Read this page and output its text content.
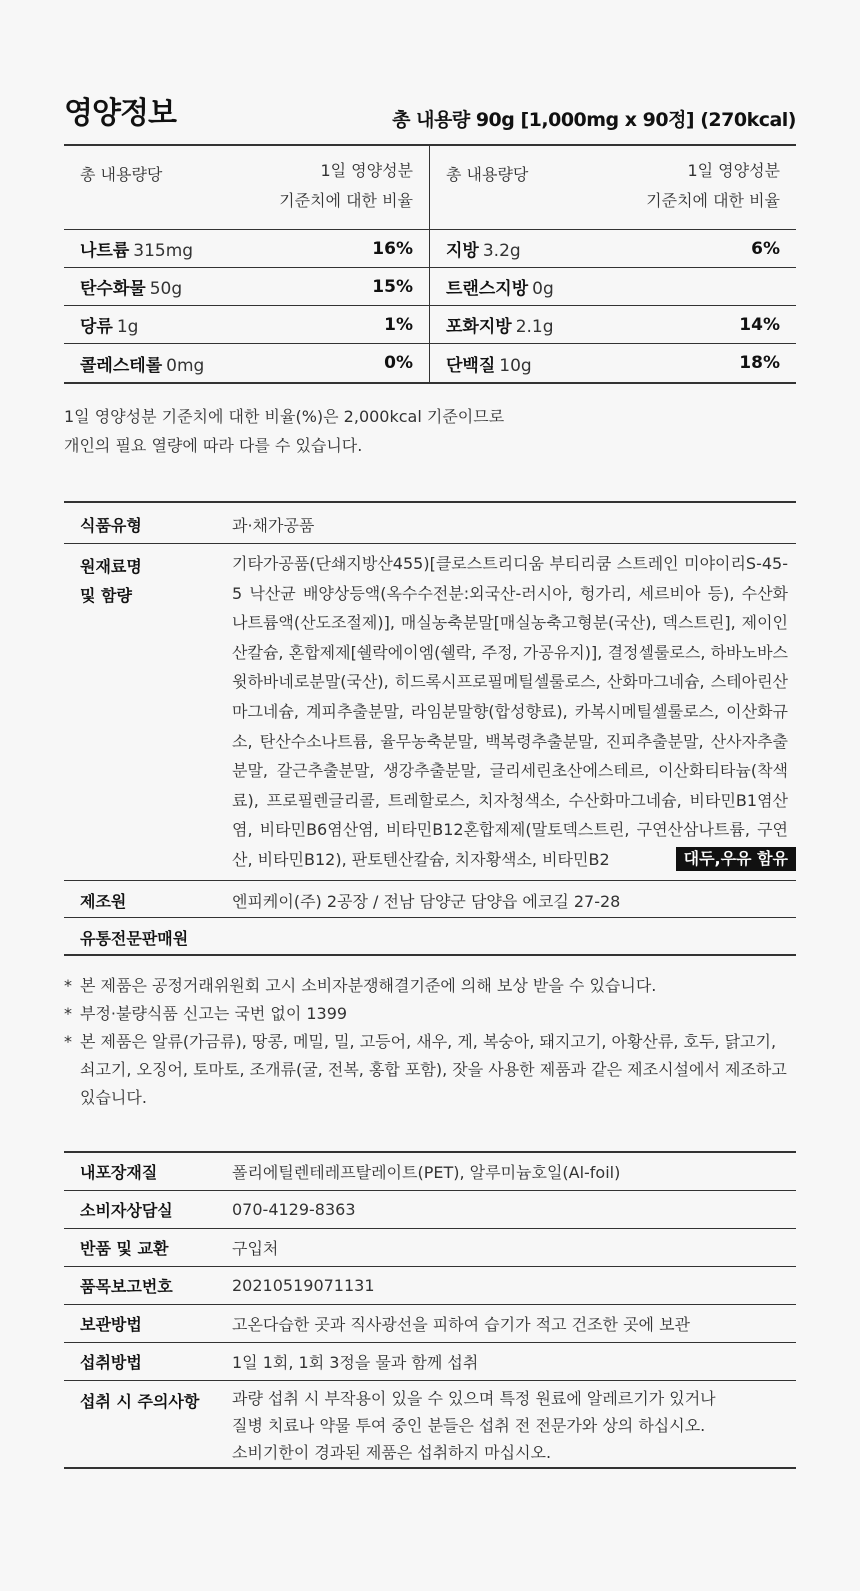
영양정보	총 내용량 90g [1,000mg x 90정] (270kcal)
총 내용량당	1일 영양성분
기준치에 대한 비율
나트륨 315mg	16%
탄수화물 50g	15%
당류 1g	1%
콜레스테롤 0mg	0%
총 내용량당	1일 영양성분
기준치에 대한 비율
지방 3.2g	6%
트랜스지방 0g
포화지방 2.1g	14%
단백질 10g	18%
1일 영양성분 기준치에 대한 비율(%)은 2,000kcal 기준이므로
개인의 필요 열량에 따라 다를 수 있습니다.
식품유형	과·채가공품
원재료명
및 함량
기타가공품(단쇄지방산455)[클로스트리디움 부티리쿰 스트레인 미야이리S-45-5 낙산균 배양상등액(옥수수전분:외국산-러시아, 헝가리, 세르비아 등), 수산화나트륨액(산도조절제)], 매실농축분말[매실농축고형분(국산), 덱스트린], 제이인산칼슘, 혼합제제[쉘락에이엠(쉘락, 주정, 가공유지)], 결정셀룰로스, 하바노바스윗하바네로분말(국산), 히드록시프로필메틸셀룰로스, 산화마그네슘, 스테아린산마그네슘, 계피추출분말, 라임분말향(합성향료), 카복시메틸셀룰로스, 이산화규소, 탄산수소나트륨, 율무농축분말, 백복령추출분말, 진피추출분말, 산사자추출분말, 갈근추출분말, 생강추출분말, 글리세린초산에스테르, 이산화티타늄(착색료), 프로필렌글리콜, 트레할로스, 치자청색소, 수산화마그네슘, 비타민B1염산염, 비타민B6염산염, 비타민B12혼합제제(말토덱스트린, 구연산삼나트륨, 구연산, 비타민B12), 판토텐산칼슘, 치자황색소, 비타민B2	대두,우유 함유
제조원	엔피케이(주) 2공장 / 전남 담양군 담양읍 에코길 27-28
유통전문판매원
* 본 제품은 공정거래위원회 고시 소비자분쟁해결기준에 의해 보상 받을 수 있습니다.
* 부정·불량식품 신고는 국번 없이 1399
* 본 제품은 알류(가금류), 땅콩, 메밀, 밀, 고등어, 새우, 게, 복숭아, 돼지고기, 아황산류, 호두, 닭고기, 쇠고기, 오징어, 토마토, 조개류(굴, 전복, 홍합 포함), 잣을 사용한 제품과 같은 제조시설에서 제조하고 있습니다.
내포장재질	폴리에틸렌테레프탈레이트(PET), 알루미늄호일(Al-foil)
소비자상담실	070-4129-8363
반품 및 교환	구입처
품목보고번호	20210519071131
보관방법	고온다습한 곳과 직사광선을 피하여 습기가 적고 건조한 곳에 보관
섭취방법	1일 1회, 1회 3정을 물과 함께 섭취
섭취 시 주의사항	과량 섭취 시 부작용이 있을 수 있으며 특정 원료에 알레르기가 있거나
질병 치료나 약물 투여 중인 분들은 섭취 전 전문가와 상의 하십시오.
소비기한이 경과된 제품은 섭취하지 마십시오.
